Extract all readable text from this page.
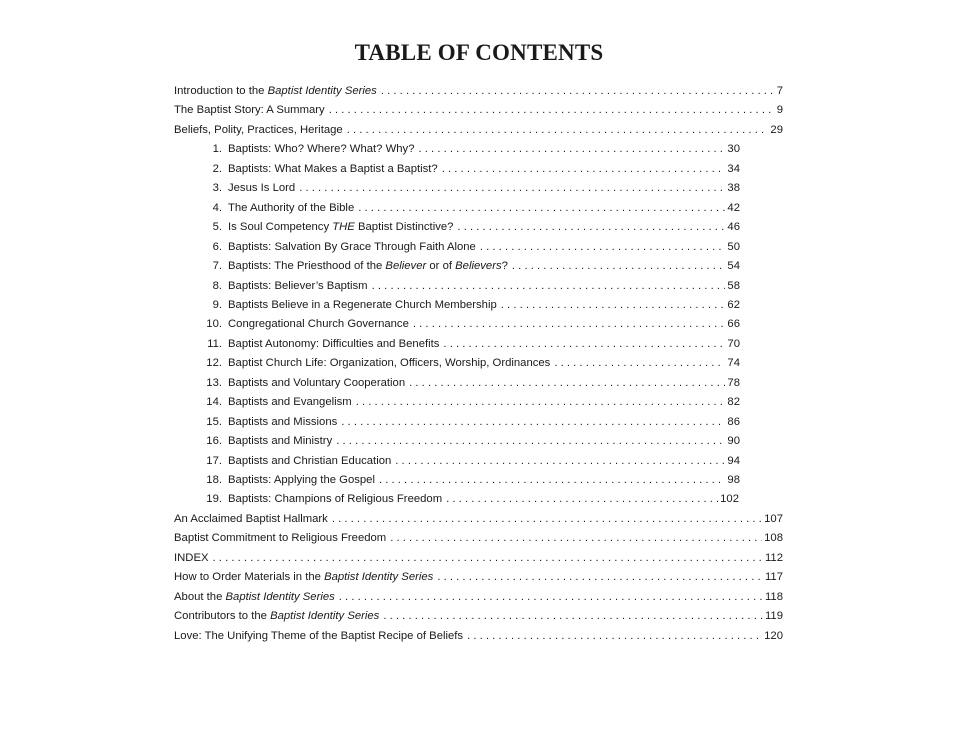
TABLE OF CONTENTS
Introduction to the Baptist Identity Series . . .	7
The Baptist Story: A Summary . . .	9
Beliefs, Polity, Practices, Heritage . . .	29
1. Baptists: Who? Where? What? Why? . . .	30
2. Baptists: What Makes a Baptist a Baptist? . . .	34
3. Jesus Is Lord . . .	38
4. The Authority of the Bible . . .	42
5. Is Soul Competency THE Baptist Distinctive? . . .	46
6. Baptists: Salvation By Grace Through Faith Alone . . .	50
7. Baptists: The Priesthood of the Believer or of Believers? . . .	54
8. Baptists: Believer’s Baptism . . .	58
9. Baptists Believe in a Regenerate Church Membership . . .	62
10. Congregational Church Governance . . .	66
11. Baptist Autonomy: Difficulties and Benefits . . .	70
12. Baptist Church Life: Organization, Officers, Worship, Ordinances . . .	74
13. Baptists and Voluntary Cooperation . . .	78
14. Baptists and Evangelism . . .	82
15. Baptists and Missions . . .	86
16. Baptists and Ministry . . .	90
17. Baptists and Christian Education . . .	94
18. Baptists: Applying the Gospel . . .	98
19. Baptists: Champions of Religious Freedom . . .	102
An Acclaimed Baptist Hallmark . . .	107
Baptist Commitment to Religious Freedom . . .	108
INDEX . . .	112
How to Order Materials in the Baptist Identity Series . . .	117
About the Baptist Identity Series . . .	118
Contributors to the Baptist Identity Series . . .	119
Love: The Unifying Theme of the Baptist Recipe of Beliefs . . .	120
